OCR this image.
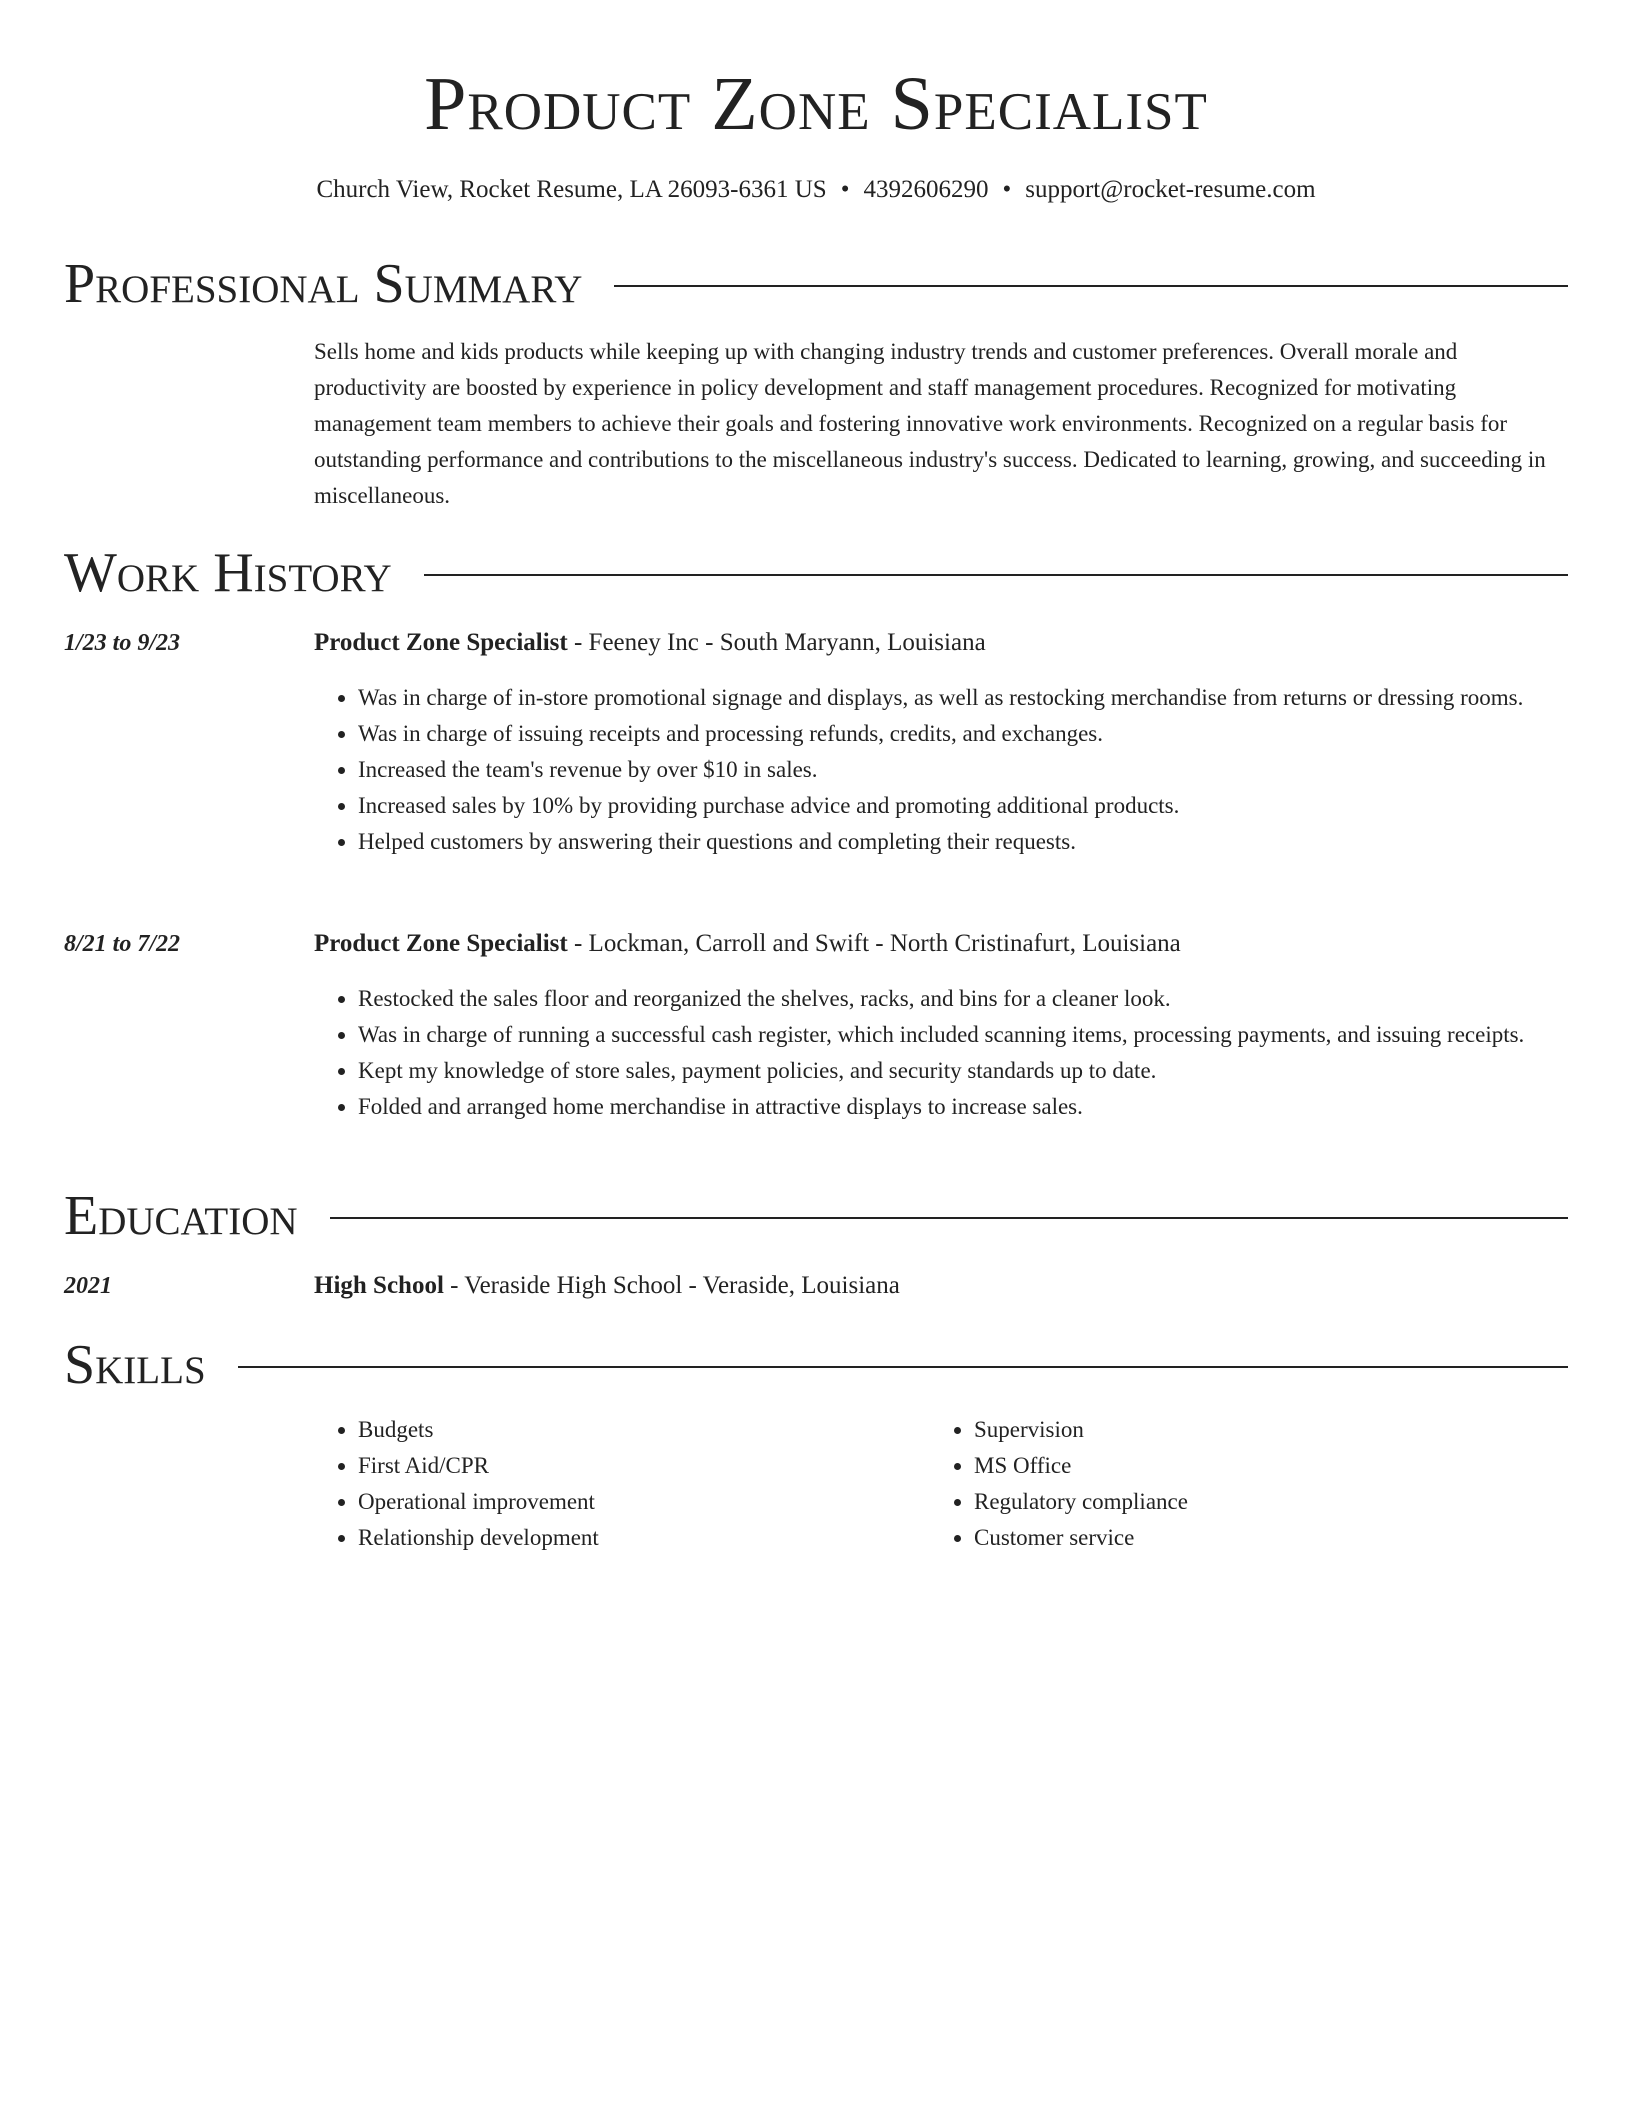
Product Zone Specialist
Church View, Rocket Resume, LA 26093-6361 US • 4392606290 • support@rocket-resume.com
Professional Summary
Sells home and kids products while keeping up with changing industry trends and customer preferences. Overall morale and productivity are boosted by experience in policy development and staff management procedures. Recognized for motivating management team members to achieve their goals and fostering innovative work environments. Recognized on a regular basis for outstanding performance and contributions to the miscellaneous industry's success. Dedicated to learning, growing, and succeeding in miscellaneous.
Work History
1/23 to 9/23	Product Zone Specialist - Feeney Inc - South Maryann, Louisiana
• Was in charge of in-store promotional signage and displays, as well as restocking merchandise from returns or dressing rooms.
• Was in charge of issuing receipts and processing refunds, credits, and exchanges.
• Increased the team's revenue by over $10 in sales.
• Increased sales by 10% by providing purchase advice and promoting additional products.
• Helped customers by answering their questions and completing their requests.
8/21 to 7/22	Product Zone Specialist - Lockman, Carroll and Swift - North Cristinafurt, Louisiana
• Restocked the sales floor and reorganized the shelves, racks, and bins for a cleaner look.
• Was in charge of running a successful cash register, which included scanning items, processing payments, and issuing receipts.
• Kept my knowledge of store sales, payment policies, and security standards up to date.
• Folded and arranged home merchandise in attractive displays to increase sales.
Education
2021	High School - Veraside High School - Veraside, Louisiana
Skills
• Budgets
• First Aid/CPR
• Operational improvement
• Relationship development
• Supervision
• MS Office
• Regulatory compliance
• Customer service
